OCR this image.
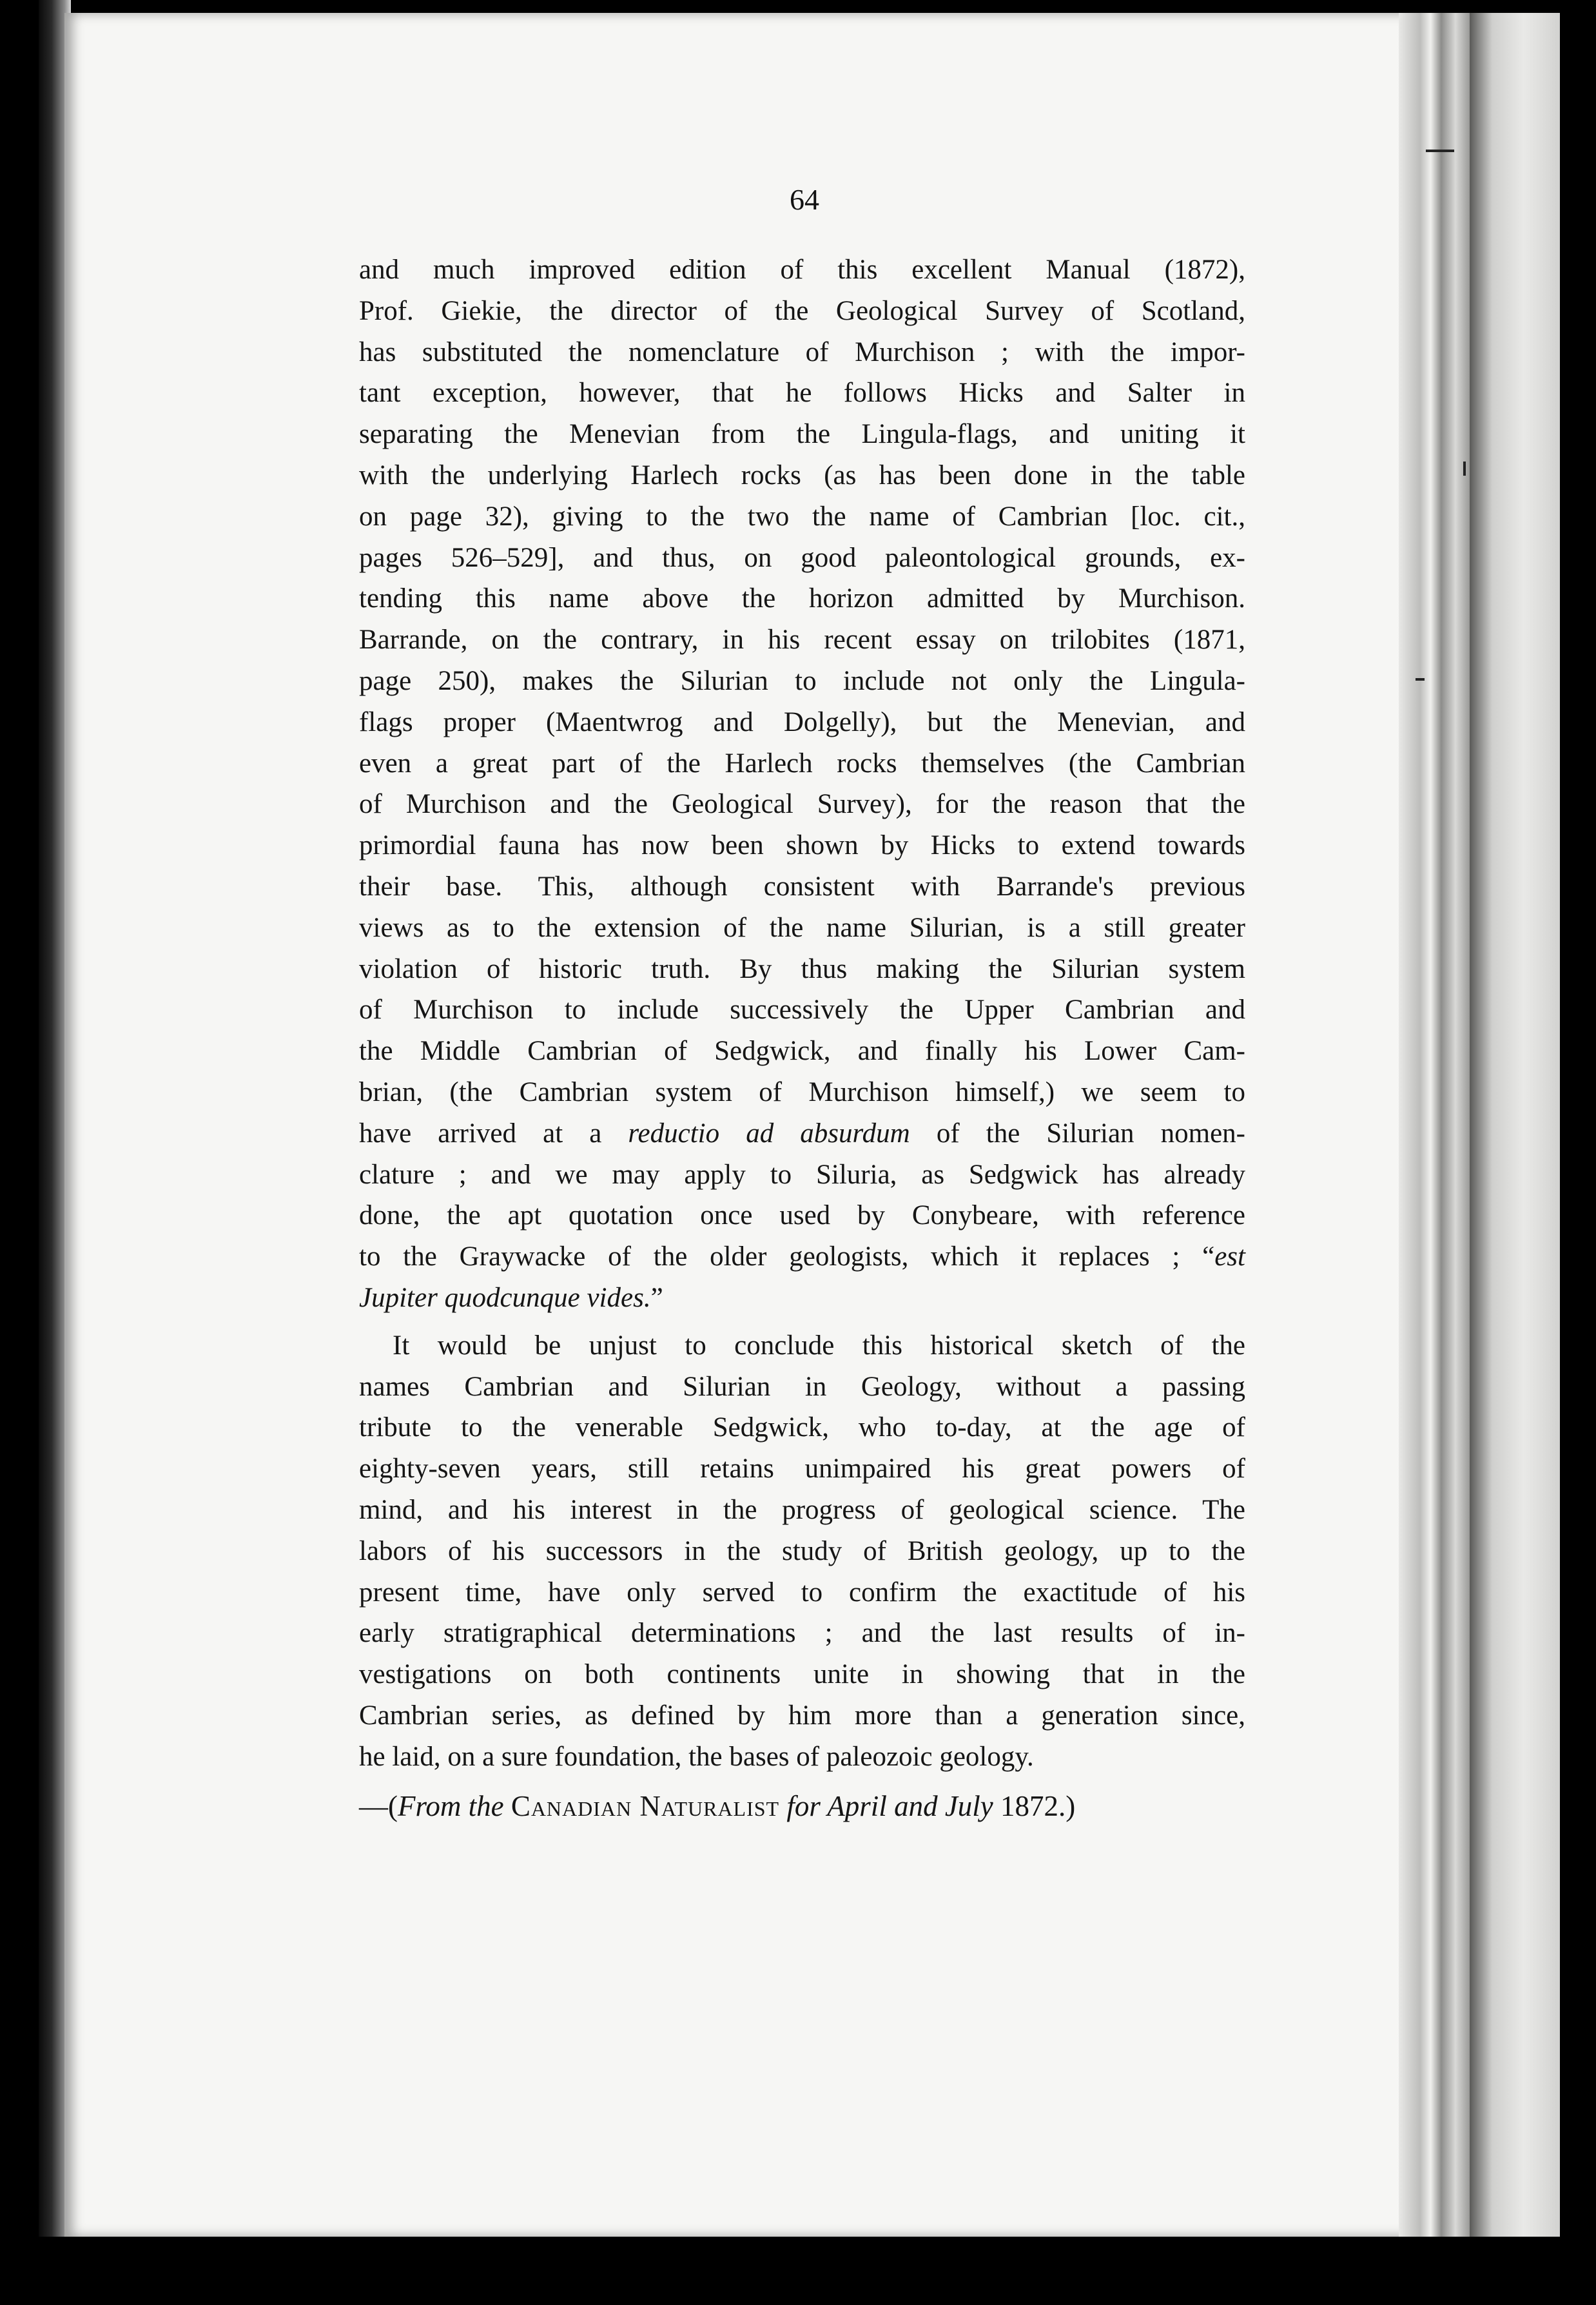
64
and much improved edition of this excellent Manual (1872),
Prof. Giekie, the director of the Geological Survey of Scotland,
has substituted the nomenclature of Murchison ; with the impor-
tant exception, however, that he follows Hicks and Salter in
separating the Menevian from the Lingula-flags, and uniting it
with the underlying Harlech rocks (as has been done in the table
on page 32), giving to the two the name of Cambrian [loc. cit.,
pages 526–529], and thus, on good paleontological grounds, ex-
tending this name above the horizon admitted by Murchison.
Barrande, on the contrary, in his recent essay on trilobites (1871,
page 250), makes the Silurian to include not only the Lingula-
flags proper (Maentwrog and Dolgelly), but the Menevian, and
even a great part of the Harlech rocks themselves (the Cambrian
of Murchison and the Geological Survey), for the reason that the
primordial fauna has now been shown by Hicks to extend towards
their base. This, although consistent with Barrande's previous
views as to the extension of the name Silurian, is a still greater
violation of historic truth. By thus making the Silurian system
of Murchison to include successively the Upper Cambrian and
the Middle Cambrian of Sedgwick, and finally his Lower Cam-
brian, (the Cambrian system of Murchison himself,) we seem to
have arrived at a reductio ad absurdum of the Silurian nomen-
clature ; and we may apply to Siluria, as Sedgwick has already
done, the apt quotation once used by Conybeare, with reference
to the Graywacke of the older geologists, which it replaces ; “est
Jupiter quodcunque vides.”
It would be unjust to conclude this historical sketch of the
names Cambrian and Silurian in Geology, without a passing
tribute to the venerable Sedgwick, who to-day, at the age of
eighty-seven years, still retains unimpaired his great powers of
mind, and his interest in the progress of geological science. The
labors of his successors in the study of British geology, up to the
present time, have only served to confirm the exactitude of his
early stratigraphical determinations ; and the last results of in-
vestigations on both continents unite in showing that in the
Cambrian series, as defined by him more than a generation since,
he laid, on a sure foundation, the bases of paleozoic geology.
—(From the Canadian Naturalist for April and July 1872.)
